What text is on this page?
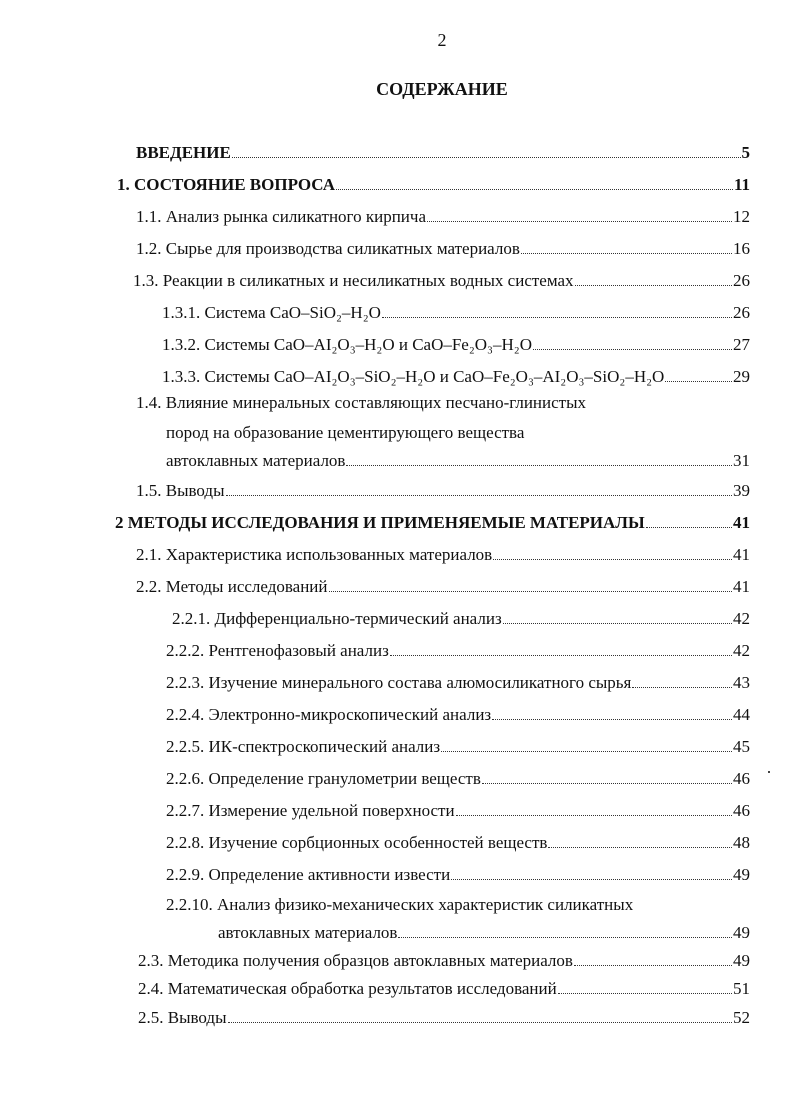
2
СОДЕРЖАНИЕ
ВВЕДЕНИЕ	5
1. СОСТОЯНИЕ ВОПРОСА	11
1.1. Анализ рынка силикатного кирпича	12
1.2. Сырье для производства силикатных материалов	16
1.3. Реакции в силикатных и несиликатных водных системах	26
1.3.1. Система CaO–SiO₂–H₂O	26
1.3.2. Системы CaO–AI₂O₃–H₂O и CaO–Fe₂O₃–H₂O	27
1.3.3. Системы CaO–AI₂O₃–SiO₂–H₂O и CaO–Fe₂O₃–AI₂O₃–SiO₂–H₂O	29
1.4. Влияние минеральных составляющих песчано-глинистых
пород на образование цементирующего вещества
автоклавных материалов	31
1.5. Выводы	39
2 МЕТОДЫ ИССЛЕДОВАНИЯ И ПРИМЕНЯЕМЫЕ МАТЕРИАЛЫ	41
2.1. Характеристика использованных материалов	41
2.2. Методы исследований	41
2.2.1. Дифференциально-термический анализ	42
2.2.2. Рентгенофазовый анализ	42
2.2.3. Изучение минерального состава алюмосиликатного сырья	43
2.2.4. Электронно-микроскопический анализ	44
2.2.5. ИК-спектроскопический анализ	45
2.2.6. Определение гранулометрии веществ	46
2.2.7. Измерение удельной поверхности	46
2.2.8. Изучение сорбционных особенностей веществ	48
2.2.9. Определение активности извести	49
2.2.10. Анализ физико-механических характеристик силикатных
автоклавных материалов	49
2.3. Методика получения образцов автоклавных материалов	49
2.4. Математическая обработка результатов исследований	51
2.5. Выводы	52
